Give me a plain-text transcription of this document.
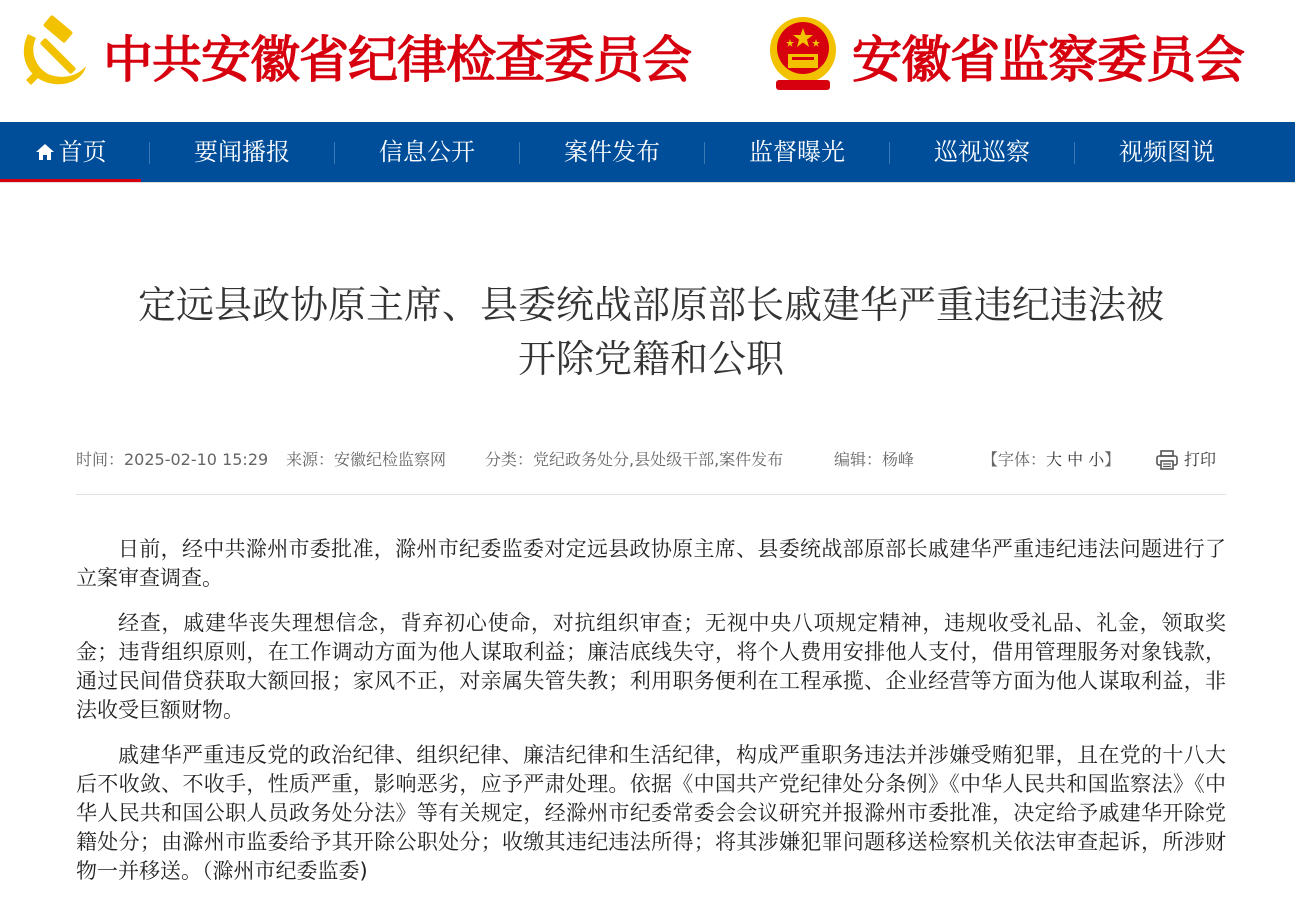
中共安徽省纪律检查委员会	安徽省监察委员会
首页	要闻播报	信息公开	案件发布	监督曝光	巡视巡察	视频图说
定远县政协原主席、县委统战部原部长戚建华严重违纪违法被
开除党籍和公职
时间：2025-02-10 15:29 来源：安徽纪检监察网 分类：党纪政务处分,县处级干部,案件发布	编辑：杨峰	【字体：大 中 小】	打印

日前，经中共滁州市委批准，滁州市纪委监委对定远县政协原主席、县委统战部原部长戚建华严重违纪违法问题进行了立案审查调查。

经查，戚建华丧失理想信念，背弃初心使命，对抗组织审查；无视中央八项规定精神，违规收受礼品、礼金，领取奖金；违背组织原则，在工作调动方面为他人谋取利益；廉洁底线失守，将个人费用安排他人支付，借用管理服务对象钱款，通过民间借贷获取大额回报；家风不正，对亲属失管失教；利用职务便利在工程承揽、企业经营等方面为他人谋取利益，非法收受巨额财物。

戚建华严重违反党的政治纪律、组织纪律、廉洁纪律和生活纪律，构成严重职务违法并涉嫌受贿犯罪，且在党的十八大后不收敛、不收手，性质严重，影响恶劣，应予严肃处理。依据《中国共产党纪律处分条例》《中华人民共和国监察法》《中华人民共和国公职人员政务处分法》等有关规定，经滁州市纪委常委会会议研究并报滁州市委批准，决定给予戚建华开除党籍处分；由滁州市监委给予其开除公职处分；收缴其违纪违法所得；将其涉嫌犯罪问题移送检察机关依法审查起诉，所涉财物一并移送。（滁州市纪委监委)
